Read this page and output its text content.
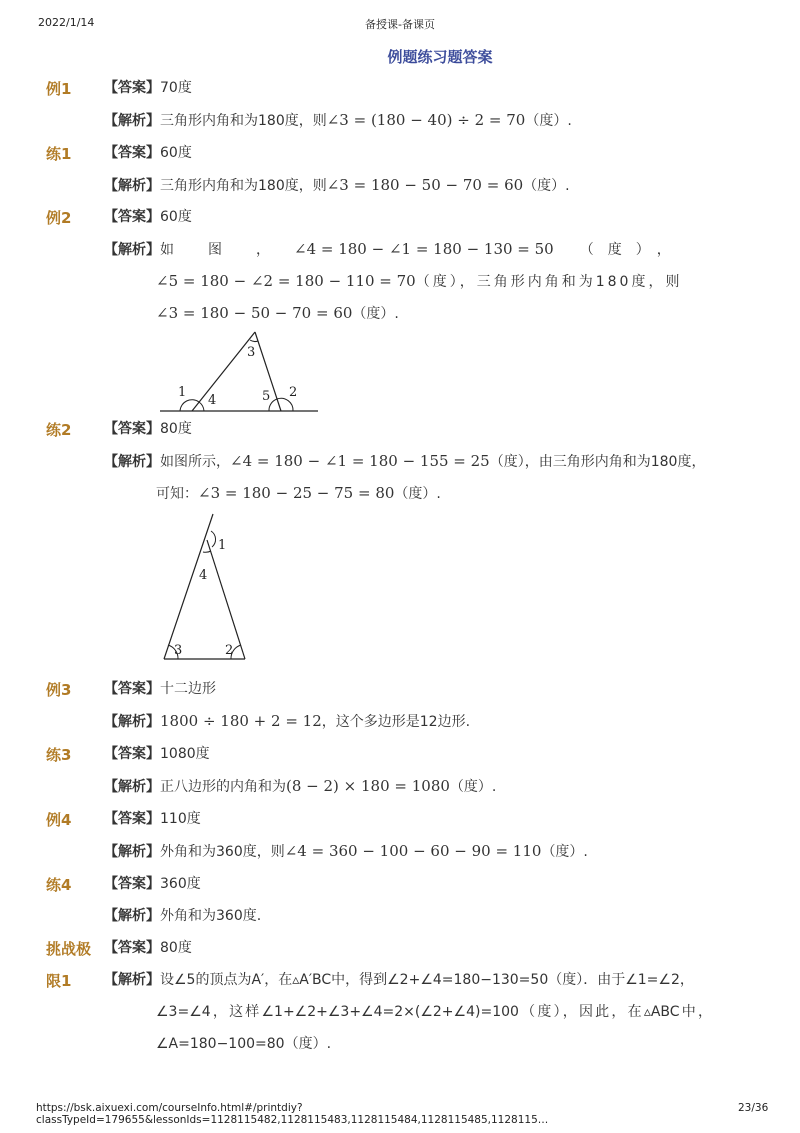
2022/1/14	备授课-备课页
例题练习题答案
例1 【答案】70度
【解析】三角形内角和为180度，则∠3 = (180 − 40) ÷ 2 = 70（度）.
练1 【答案】60度
【解析】三角形内角和为180度，则∠3 = 180 − 50 − 70 = 60（度）.
例2 【答案】60度
【解析】如　图　， ∠4 = 180 − ∠1 = 180 − 130 = 50 （　度　）　，
∠5 = 180 − ∠2 = 180 − 110 = 70（度），三角形内角和为180度，则
∠3 = 180 − 50 − 70 = 60（度）.
1
4
3
5 2
练2 【答案】80度
【解析】如图所示，∠4 = 180 − ∠1 = 180 − 155 = 25（度），由三角形内角和为180度，
可知：∠3 = 180 − 25 − 75 = 80（度）.
1
4
3	2
例3 【答案】十二边形
【解析】1800 ÷ 180 + 2 = 12，这个多边形是12边形.
练3 【答案】1080度
【解析】正八边形的内角和为(8 − 2) × 180 = 1080（度）.
例4 【答案】110度
【解析】外角和为360度，则∠4 = 360 − 100 − 60 − 90 = 110（度）.
练4 【答案】360度
【解析】外角和为360度.
挑战极
限1
【答案】80度
【解析】设∠5的顶点为A′，在▵A′BC中，得到∠2+∠4=180−130=50（度）．由于∠1=∠2，
∠3=∠4，这样∠1+∠2+∠3+∠4=2×(∠2+∠4)=100（度），因此，在▵ABC中，
∠A=180−100=80（度）.
https://bsk.aixuexi.com/courseInfo.html#/printdiy?classTypeId=179655&lessonIds=1128115482,1128115483,1128115484,1128115485,1128115…
23/36
